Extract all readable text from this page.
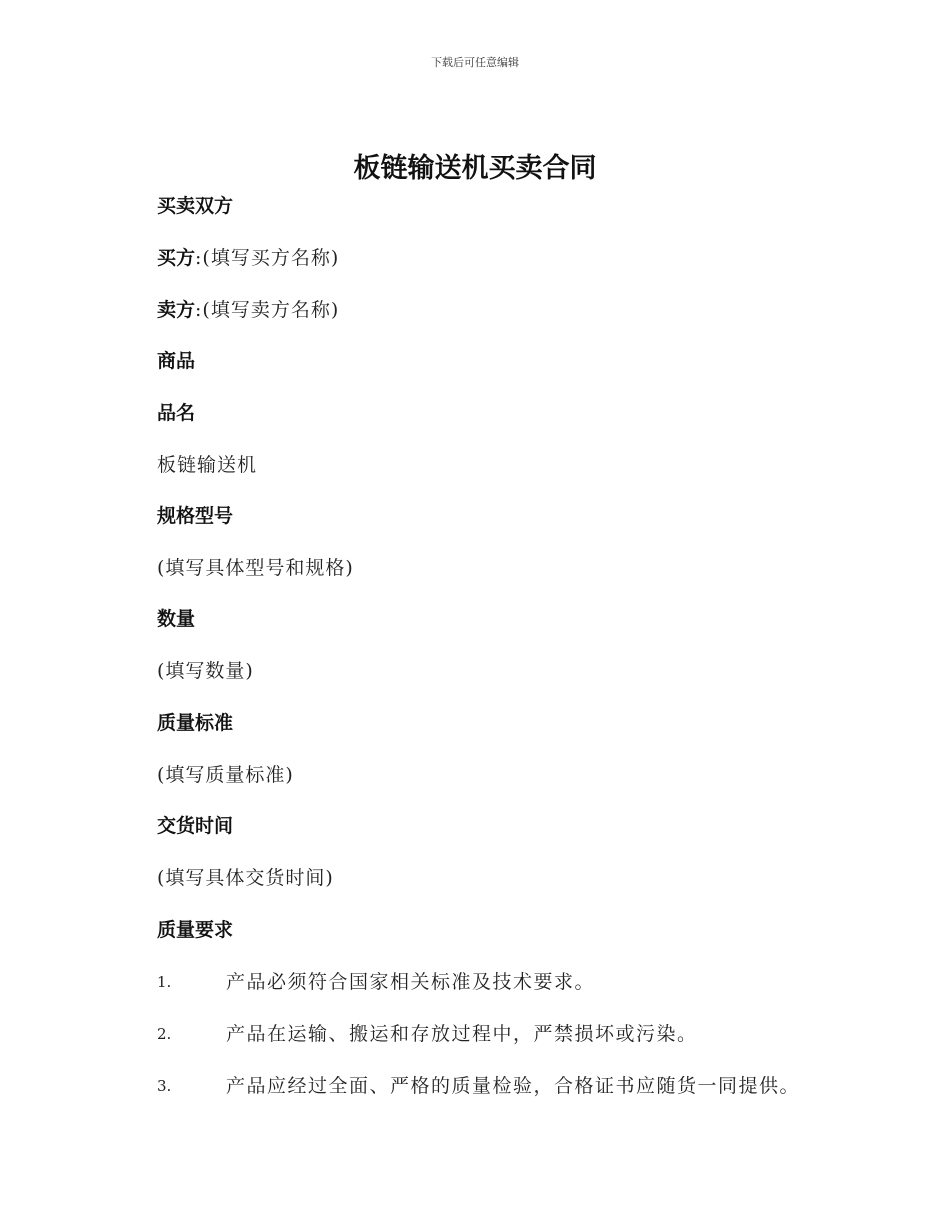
下载后可任意编辑
板链输送机买卖合同
买卖双方
买方:(填写买方名称)
卖方:(填写卖方名称)
商品
品名
板链输送机
规格型号
(填写具体型号和规格)
数量
(填写数量)
质量标准
(填写质量标准)
交货时间
(填写具体交货时间)
质量要求
1.	产品必须符合国家相关标准及技术要求。
2.	产品在运输、搬运和存放过程中，严禁损坏或污染。
3.	产品应经过全面、严格的质量检验，合格证书应随货一同提供。
